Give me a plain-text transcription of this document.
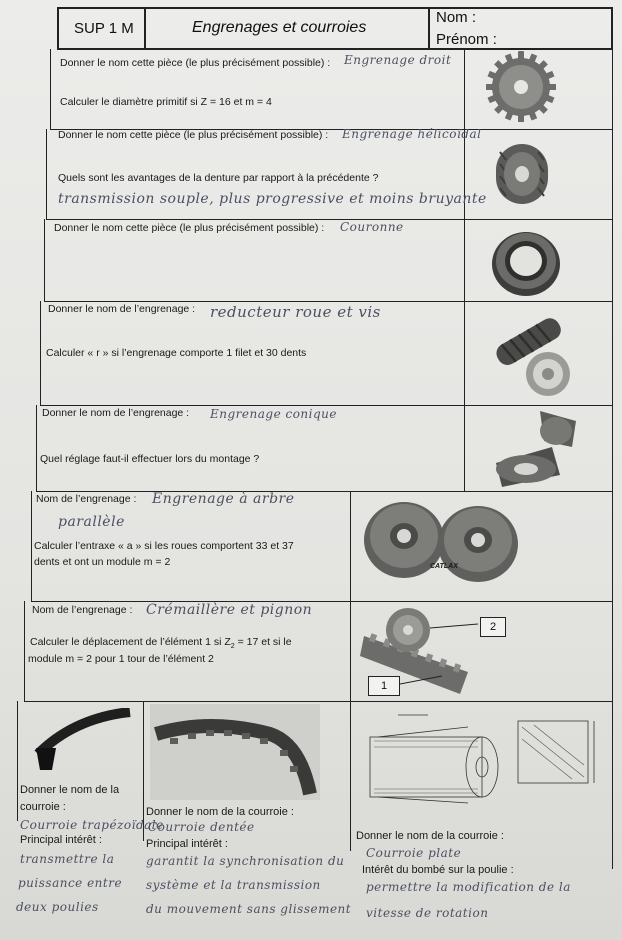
SUP 1 M	Engrenages et courroies
Nom :
Prénom :
Donner le nom cette pièce (le plus précisément possible) : Engrenage droit
Calculer le diamètre primitif si Z = 16 et m = 4
Donner le nom cette pièce (le plus précisément possible) : Engrenage hélicoïdal
Quels sont les avantages de la denture par rapport à la précédente ?
transmission souple, plus progressive et moins bruyante
Donner le nom cette pièce (le plus précisément possible) : Couronne
Donner le nom de l’engrenage : reducteur roue et vis
Calculer « r » si l’engrenage comporte 1 filet et 30 dents
Donner le nom de l’engrenage : Engrenage conique
Quel réglage faut-il effectuer lors du montage ?
Nom de l’engrenage : Engrenage à arbre
parallèle
Calculer l’entraxe « a » si les roues comportent 33 et 37
dents et ont un module m = 2	CATLAX
Nom de l’engrenage : Crémaillère et pignon
Calculer le déplacement de l’élément 1 si $Z_2 = 17$ et si le
module m = 2 pour 1 tour de l’élément 2
2
1
Donner le nom de la
courroie :
Courroie trapézoïdale
Principal intérêt :
transmettre la
puissance entre
deux poulies
Donner le nom de la courroie :
Courroie dentée
Principal intérêt :
garantit la synchronisation du
système et la transmission
du mouvement sans glissement
Donner le nom de la courroie :
Courroie plate
Intérêt du bombé sur la poulie :
permettre la modification de la
vitesse de rotation
